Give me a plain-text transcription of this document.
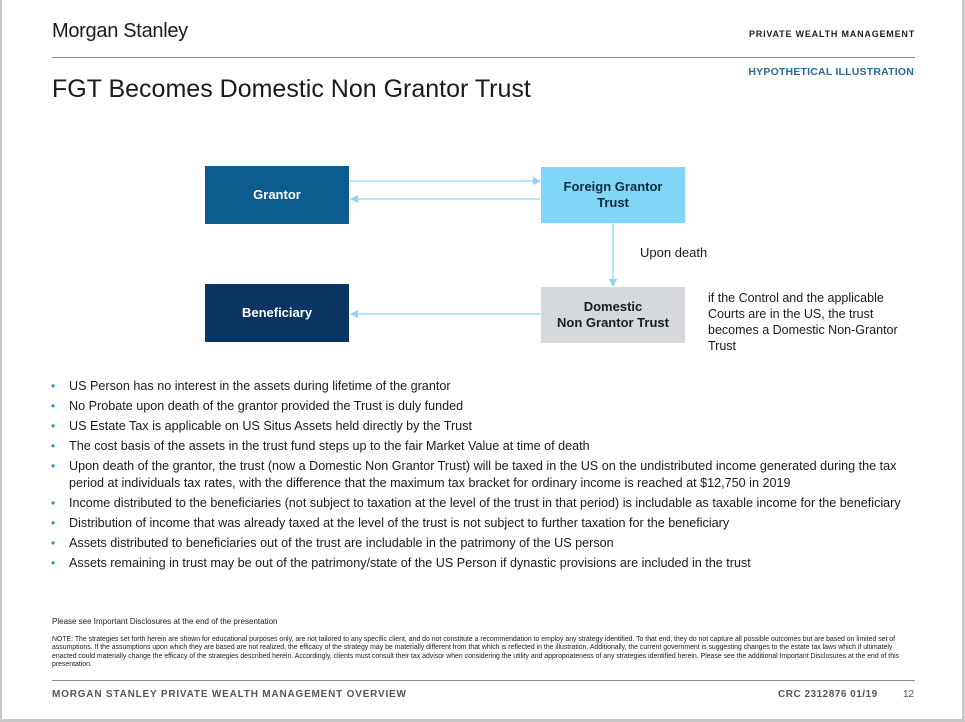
Morgan Stanley	PRIVATE WEALTH MANAGEMENT
HYPOTHETICAL ILLUSTRATION
FGT Becomes Domestic Non Grantor Trust
Grantor
Foreign Grantor
Trust
Beneficiary	Domestic
Non Grantor Trust
Upon death
if the Control and the applicable Courts are in the US, the trust becomes a Domestic Non-Grantor Trust
• US Person has no interest in the assets during lifetime of the grantor
• No Probate upon death of the grantor provided the Trust is duly funded
• US Estate Tax is applicable on US Situs Assets held directly by the Trust
• The cost basis of the assets in the trust fund steps up to the fair Market Value at time of death
• Upon death of the grantor, the trust (now a Domestic Non Grantor Trust) will be taxed in the US on the undistributed income generated during the tax period at individuals tax rates, with the difference that the maximum tax bracket for ordinary income is reached at $12,750 in 2019
• Income distributed to the beneficiaries (not subject to taxation at the level of the trust in that period) is includable as taxable income for the beneficiary
• Distribution of income that was already taxed at the level of the trust is not subject to further taxation for the beneficiary
• Assets distributed to beneficiaries out of the trust are includable in the patrimony of the US person
• Assets remaining in trust may be out of the patrimony/state of the US Person if dynastic provisions are included in the trust
Please see Important Disclosures at the end of the presentation
NOTE: The strategies set forth herein are shown for educational purposes only, are not tailored to any specific client, and do not constitute a recommendation to employ any strategy identified. To that end, they do not capture all possible outcomes but are based on limited set of assumptions. If the assumptions upon which they are based are not realized, the efficacy of the strategy may be materially different from that which is reflected in the illustration. Additionally, the current government is suggesting changes to the estate tax laws which if ultimately enacted could materially change the efficacy of the strategies described herein. Accordingly, clients must consult their tax advisor when considering the utility and appropriateness of any strategies identified herein. Please see the additional Important Disclosures at the end of this presentation.
MORGAN STANLEY PRIVATE WEALTH MANAGEMENT OVERVIEW	CRC 2312876 01/19	12
